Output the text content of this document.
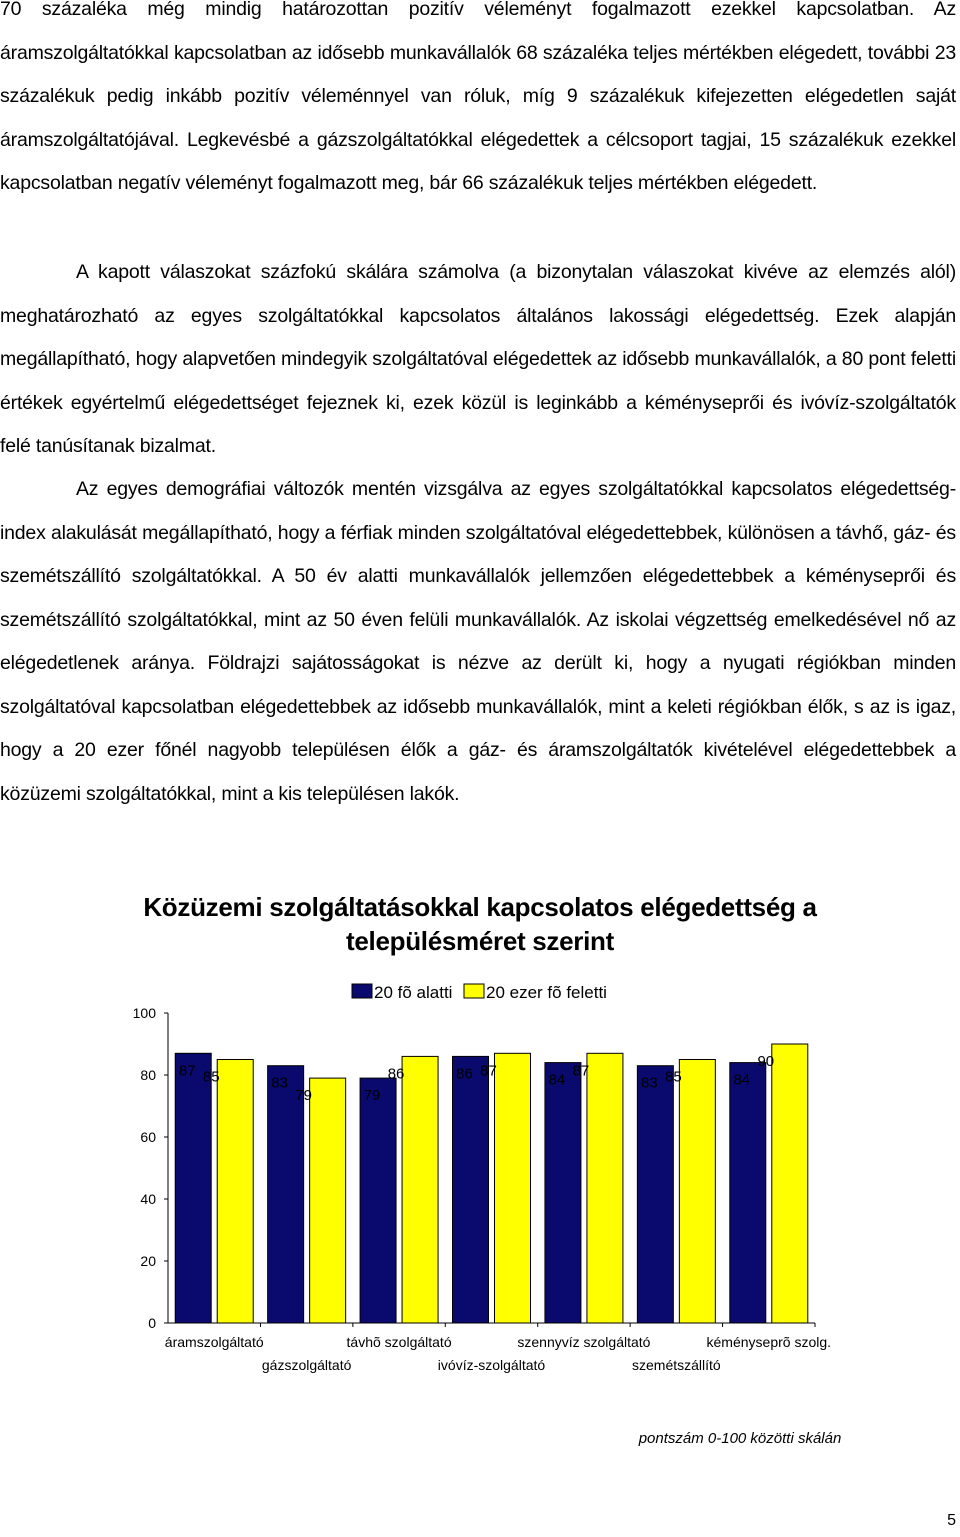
70 százaléka még mindig határozottan pozitív véleményt fogalmazott ezekkel kapcsolatban. Az áramszolgáltatókkal kapcsolatban az idősebb munkavállalók 68 százaléka teljes mértékben elégedett, további 23 százalékuk pedig inkább pozitív véleménnyel van róluk, míg 9 százalékuk kifejezetten elégedetlen saját áramszolgáltatójával. Legkevésbé a gázszolgáltatókkal elégedettek a célcsoport tagjai, 15 százalékuk ezekkel kapcsolatban negatív véleményt fogalmazott meg, bár 66 százalékuk teljes mértékben elégedett.
A kapott válaszokat százfokú skálára számolva (a bizonytalan válaszokat kivéve az elemzés alól) meghatározható az egyes szolgáltatókkal kapcsolatos általános lakossági elégedettség. Ezek alapján megállapítható, hogy alapvetően mindegyik szolgáltatóval elégedettek az idősebb munkavállalók, a 80 pont feletti értékek egyértelmű elégedettséget fejeznek ki, ezek közül is leginkább a kéményseprői és ivóvíz-szolgáltatók felé tanúsítanak bizalmat.
Az egyes demográfiai változók mentén vizsgálva az egyes szolgáltatókkal kapcsolatos elégedettség-index alakulását megállapítható, hogy a férfiak minden szolgáltatóval elégedettebbek, különösen a távhő, gáz- és szemétszállító szolgáltatókkal. A 50 év alatti munkavállalók jellemzően elégedettebbek a kéményseprői és szemétszállító szolgáltatókkal, mint az 50 éven felüli munkavállalók. Az iskolai végzettség emelkedésével nő az elégedetlenek aránya. Földrajzi sajátosságokat is nézve az derült ki, hogy a nyugati régiókban minden szolgáltatóval kapcsolatban elégedettebbek az idősebb munkavállalók, mint a keleti régiókban élők, s az is igaz, hogy a 20 ezer főnél nagyobb településen élők a gáz- és áramszolgáltatók kivételével elégedettebbek a közüzemi szolgáltatókkal, mint a kis településen lakók.
Közüzemi szolgáltatásokkal kapcsolatos elégedettség a településméret szerint
0
20
40
60
80
100
87 85
áramszolgáltató
83
79
gázszolgáltató
79
86
távhõ szolgáltató
86 87
ivóvíz-szolgáltató
84
87
szennyvíz szolgáltató
83 85
szemétszállító
84
90
kéményseprõ szolg.
20 fõ alatti 20 ezer fõ feletti
pontszám 0-100 közötti skálán
5
